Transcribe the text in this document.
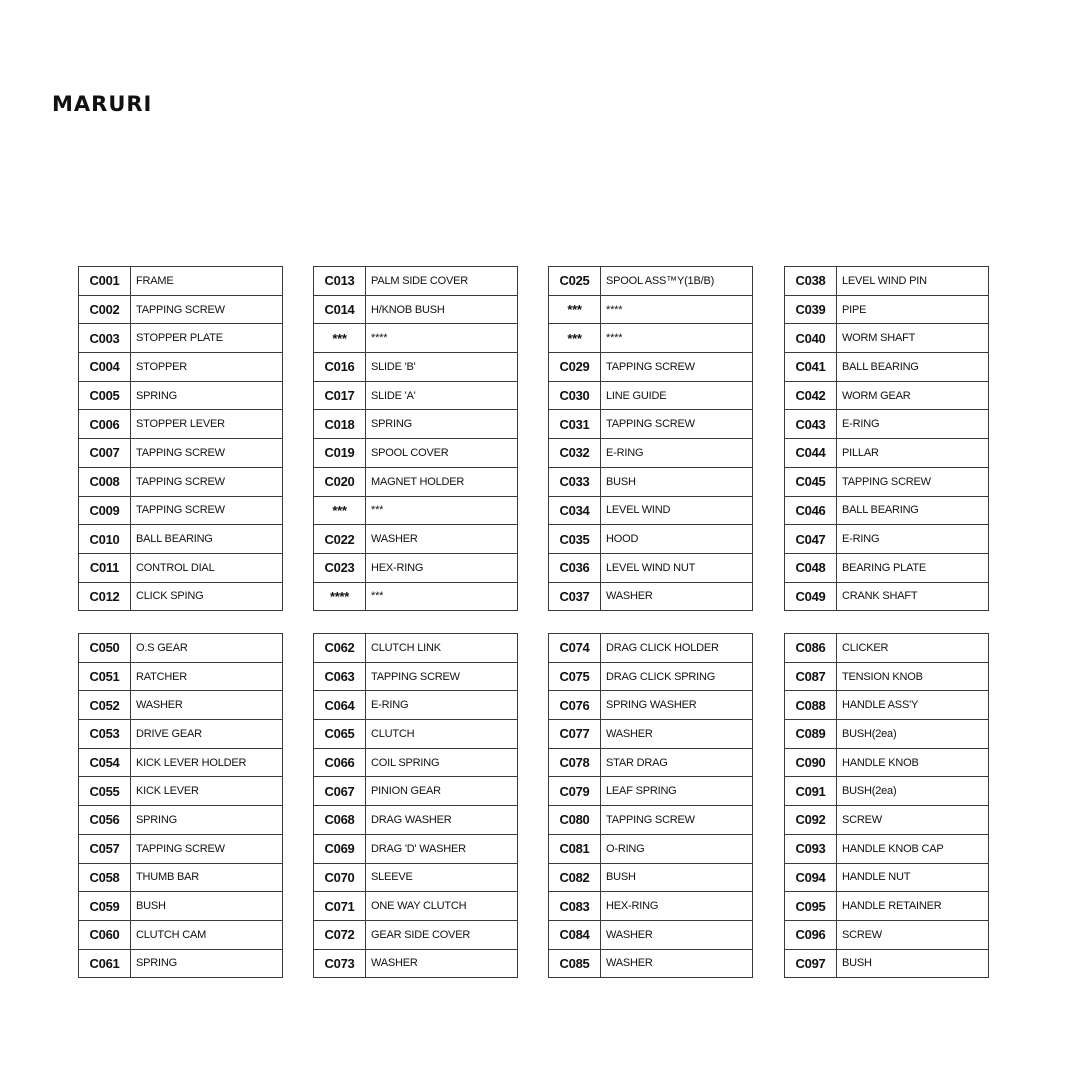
MARURI
C001	FRAME
C002	TAPPING SCREW
C003	STOPPER PLATE
C004	STOPPER
C005	SPRING
C006	STOPPER LEVER
C007	TAPPING SCREW
C008	TAPPING SCREW
C009	TAPPING SCREW
C010	BALL BEARING
C011	CONTROL DIAL
C012	CLICK SPING
C013	PALM SIDE COVER
C014	H/KNOB BUSH
***	****
C016	SLIDE 'B'
C017	SLIDE 'A'
C018	SPRING
C019	SPOOL COVER
C020	MAGNET HOLDER
***	***
C022	WASHER
C023	HEX-RING
****	***
C025	SPOOL ASS™Y(1B/B)
***	****
***	****
C029	TAPPING SCREW
C030	LINE GUIDE
C031	TAPPING SCREW
C032	E-RING
C033	BUSH
C034	LEVEL WIND
C035	HOOD
C036	LEVEL WIND NUT
C037	WASHER
C038	LEVEL WIND PIN
C039	PIPE
C040	WORM SHAFT
C041	BALL BEARING
C042	WORM GEAR
C043	E-RING
C044	PILLAR
C045	TAPPING SCREW
C046	BALL BEARING
C047	E-RING
C048	BEARING PLATE
C049	CRANK SHAFT
C050	O.S GEAR
C051	RATCHER
C052	WASHER
C053	DRIVE GEAR
C054	KICK LEVER HOLDER
C055	KICK LEVER
C056	SPRING
C057	TAPPING SCREW
C058	THUMB BAR
C059	BUSH
C060	CLUTCH CAM
C061	SPRING
C062	CLUTCH LINK
C063	TAPPING SCREW
C064	E-RING
C065	CLUTCH
C066	COIL SPRING
C067	PINION GEAR
C068	DRAG WASHER
C069	DRAG 'D' WASHER
C070	SLEEVE
C071	ONE WAY CLUTCH
C072	GEAR SIDE COVER
C073	WASHER
C074	DRAG CLICK HOLDER
C075	DRAG CLICK SPRING
C076	SPRING WASHER
C077	WASHER
C078	STAR DRAG
C079	LEAF SPRING
C080	TAPPING SCREW
C081	O-RING
C082	BUSH
C083	HEX-RING
C084	WASHER
C085	WASHER
C086	CLICKER
C087	TENSION KNOB
C088	HANDLE ASS'Y
C089	BUSH(2ea)
C090	HANDLE KNOB
C091	BUSH(2ea)
C092	SCREW
C093	HANDLE KNOB CAP
C094	HANDLE NUT
C095	HANDLE RETAINER
C096	SCREW
C097	BUSH
